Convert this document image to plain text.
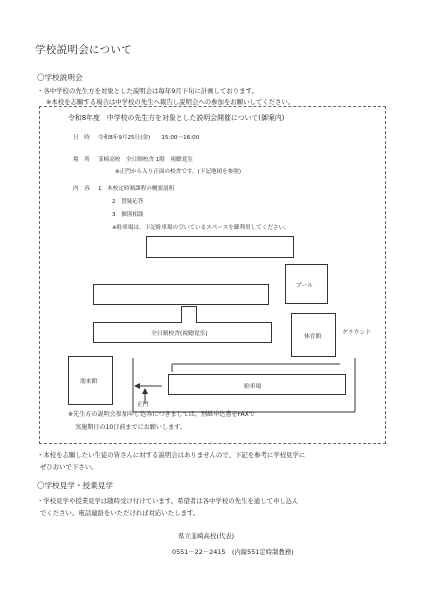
学校説明会について
〇学校説明会
・各中学校の先生方を対象とした説明会は毎年9月下旬に計画しております。
※本校を志願する場合は中学校の先生へ報告し説明会への参加をお願いしてください。
令和8年度　中学校の先生方を対象とした説明会開催について(御案内)
日　時 令和8年9月25日(金)　　15:00～16:00
場　所 韮崎高校　全日制校舎 1階　視聴覚室
※正門から入り正面の校舎です。(下記地図を参照)
内　容 1　本校定時制課程の概要説明
2　質疑応答
3　個別相談
※駐車場は、下記駐車場の空いているスペースを御利用してください。
プール
全日制校舎(視聴覚室)	体育館
グラウンド
朋来館
駐車場
正門
※先生方の説明会参加申し込みにつきましては、別紙申込書をFAXで
実施期日の10日前までにお願いします。
・本校を志願したい生徒の皆さんに対する説明会はありませんので、下記を参考に学校見学に
ぜひおいで下さい。
〇学校見学・授業見学
・学校見学や授業見学は随時受け付けています。希望者は各中学校の先生を通して申し込ん
でください。電話連絡をいただければ対応いたします。
県立韮崎高校(代表)
0551－22－2415　(内線551定時制教務)
